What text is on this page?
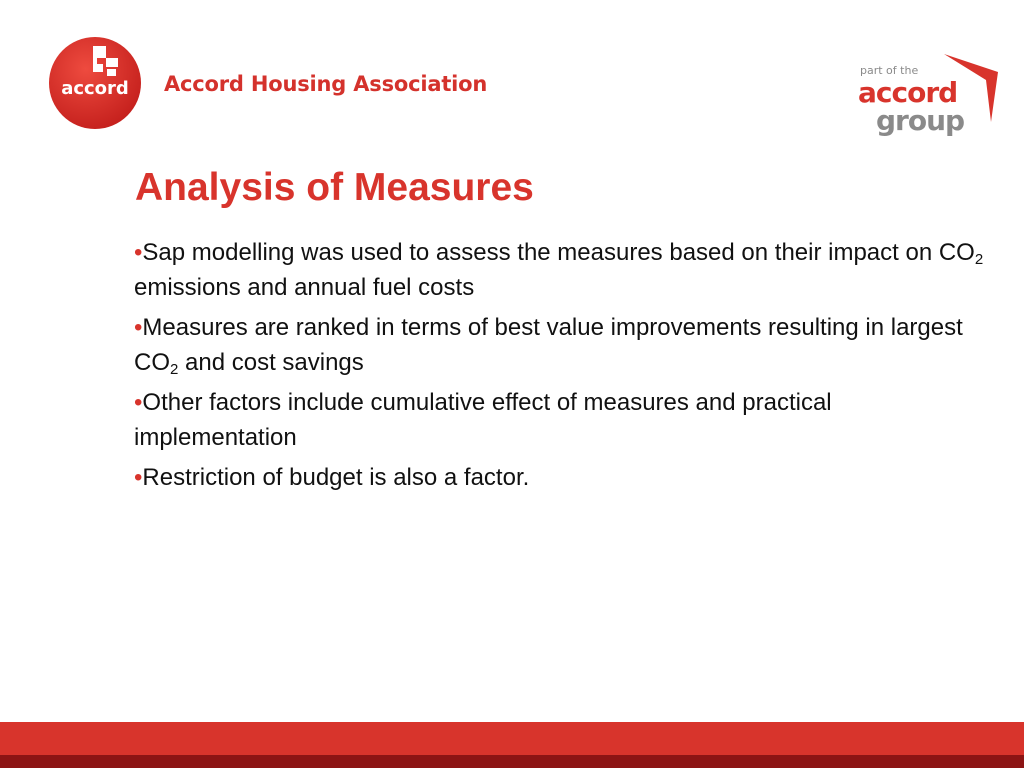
accord Accord Housing Association
part of the
accord
group
Analysis of Measures
•Sap modelling was used to assess the measures based on their impact on $CO_2$ emissions and annual fuel costs
•Measures are ranked in terms of best value improvements resulting in largest $CO_2$ and cost savings
•Other factors include cumulative effect of measures and practical implementation
•Restriction of budget is also a factor.
